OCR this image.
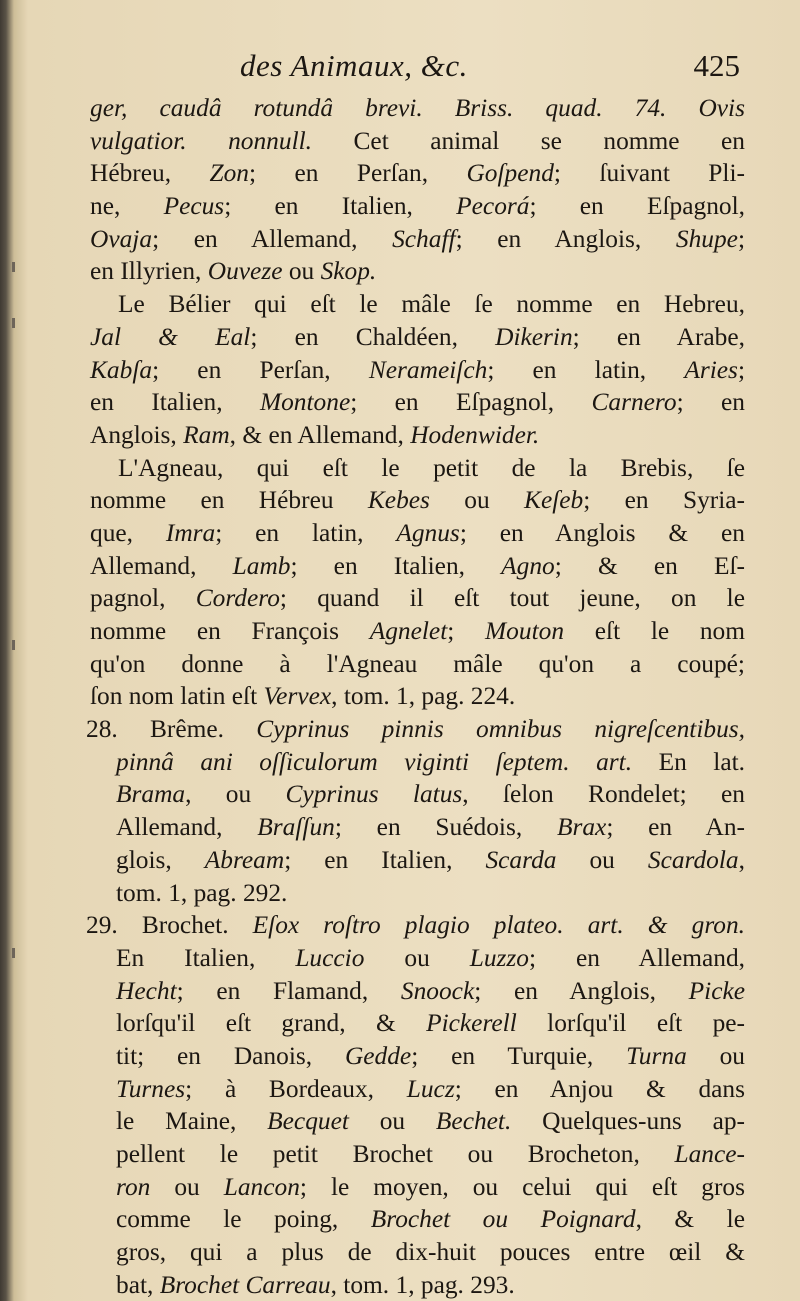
des Animaux, &c.	425
ger, caudâ rotundâ brevi. Briss. quad. 74. Ovis
vulgatior. nonnull. Cet animal se nomme en
Hébreu, Zon; en Perſan, Goſpend; ſuivant Pli-
ne, Pecus; en Italien, Pecorá; en Eſpagnol,
Ovaja; en Allemand, Schaff; en Anglois, Shupe;
en Illyrien, Ouveze ou Skop.
Le Bélier qui eſt le mâle ſe nomme en Hebreu,
Jal & Eal; en Chaldéen, Dikerin; en Arabe,
Kabſa; en Perſan, Nerameiſch; en latin, Aries;
en Italien, Montone; en Eſpagnol, Carnero; en
Anglois, Ram, & en Allemand, Hodenwider.
L'Agneau, qui eſt le petit de la Brebis, ſe
nomme en Hébreu Kebes ou Keſeb; en Syria-
que, Imra; en latin, Agnus; en Anglois & en
Allemand, Lamb; en Italien, Agno; & en Eſ-
pagnol, Cordero; quand il eſt tout jeune, on le
nomme en François Agnelet; Mouton eſt le nom
qu'on donne à l'Agneau mâle qu'on a coupé;
ſon nom latin eſt Vervex, tom. 1, pag. 224.
28. Brême. Cyprinus pinnis omnibus nigreſcentibus,
pinnâ ani oſſiculorum viginti ſeptem. art. En lat.
Brama, ou Cyprinus latus, ſelon Rondelet; en
Allemand, Braſſun; en Suédois, Brax; en An-
glois, Abream; en Italien, Scarda ou Scardola,
tom. 1, pag. 292.
29. Brochet. Eſox roſtro plagio plateo. art. & gron.
En Italien, Luccio ou Luzzo; en Allemand,
Hecht; en Flamand, Snoock; en Anglois, Picke
lorſqu'il eſt grand, & Pickerell lorſqu'il eſt pe-
tit; en Danois, Gedde; en Turquie, Turna ou
Turnes; à Bordeaux, Lucz; en Anjou & dans
le Maine, Becquet ou Bechet. Quelques-uns ap-
pellent le petit Brochet ou Brocheton, Lance-
ron ou Lancon; le moyen, ou celui qui eſt gros
comme le poing, Brochet ou Poignard, & le
gros, qui a plus de dix-huit pouces entre œil &
bat, Brochet Carreau, tom. 1, pag. 293.
